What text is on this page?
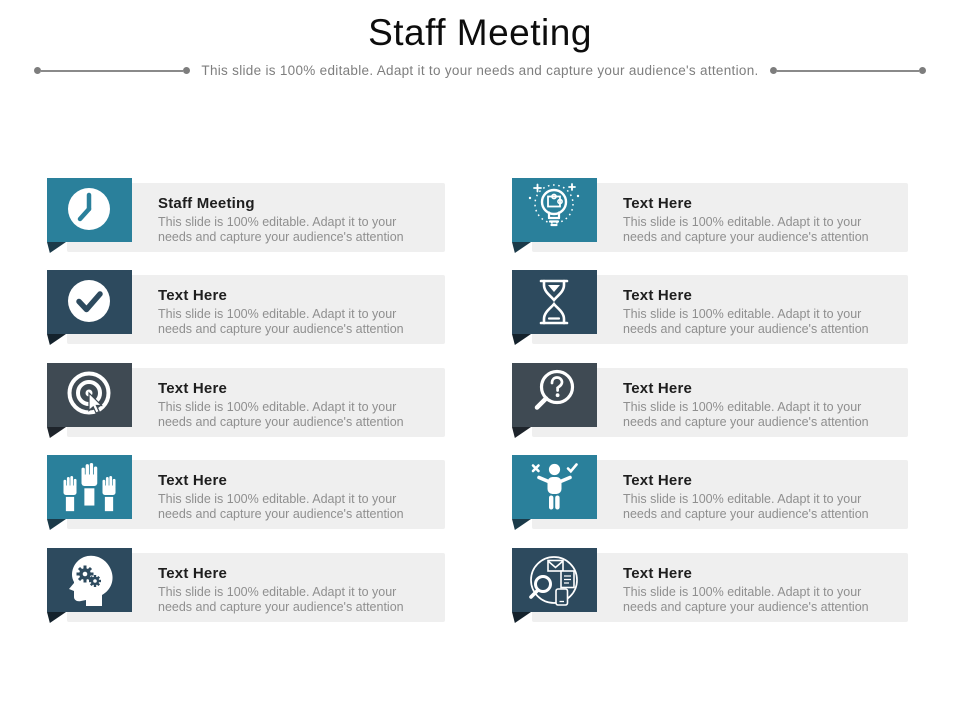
Staff Meeting
This slide is 100% editable. Adapt it to your needs and capture your audience's attention.
Staff Meeting
This slide is 100% editable. Adapt it to your
needs and capture your audience's attention
Text Here
This slide is 100% editable. Adapt it to your
needs and capture your audience's attention
Text Here
This slide is 100% editable. Adapt it to your
needs and capture your audience's attention
Text Here
This slide is 100% editable. Adapt it to your
needs and capture your audience's attention
Text Here
This slide is 100% editable. Adapt it to your
needs and capture your audience's attention
Text Here
This slide is 100% editable. Adapt it to your
needs and capture your audience's attention
Text Here
This slide is 100% editable. Adapt it to your
needs and capture your audience's attention
Text Here
This slide is 100% editable. Adapt it to your
needs and capture your audience's attention
Text Here
This slide is 100% editable. Adapt it to your
needs and capture your audience's attention
Text Here
This slide is 100% editable. Adapt it to your
needs and capture your audience's attention
